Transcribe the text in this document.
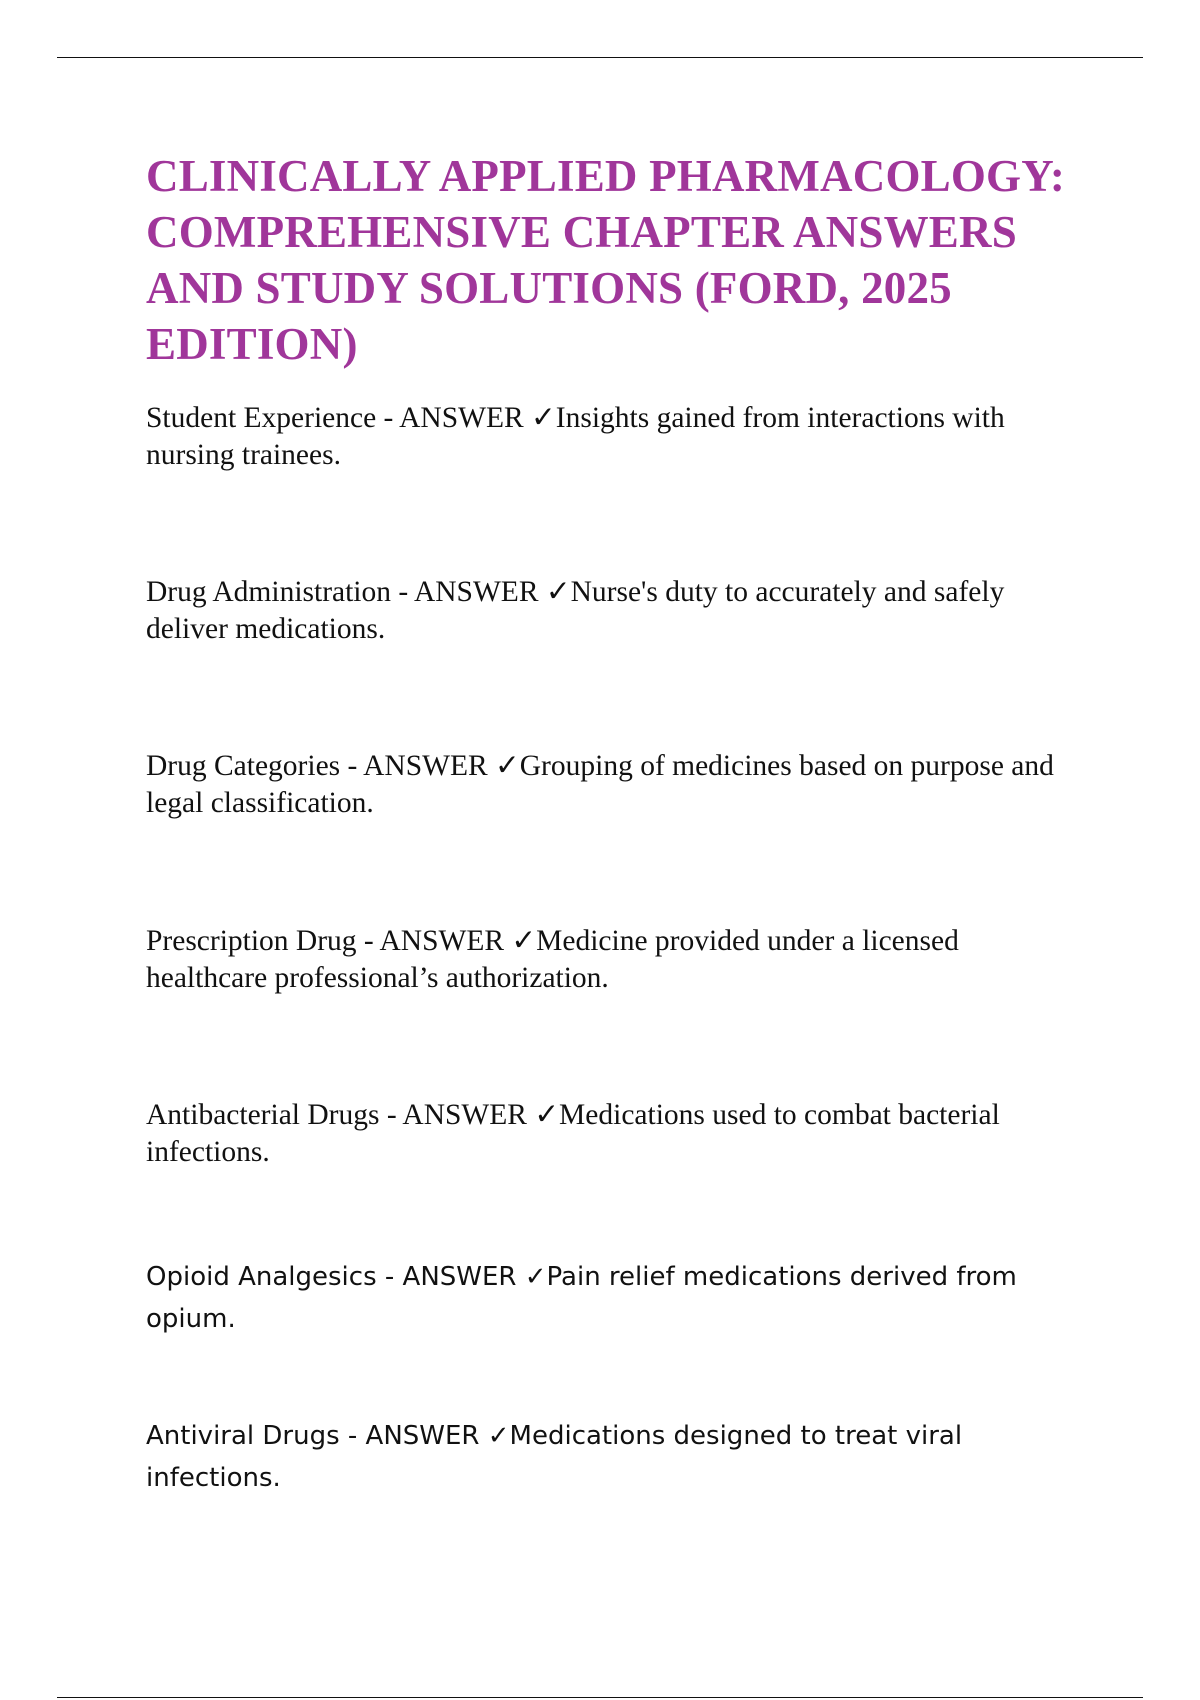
CLINICALLY APPLIED PHARMACOLOGY: COMPREHENSIVE CHAPTER ANSWERS AND STUDY SOLUTIONS (FORD, 2025 EDITION)
Student Experience - ANSWER ✓Insights gained from interactions with nursing trainees.
Drug Administration - ANSWER ✓Nurse's duty to accurately and safely deliver medications.
Drug Categories - ANSWER ✓Grouping of medicines based on purpose and legal classification.
Prescription Drug - ANSWER ✓Medicine provided under a licensed healthcare professional’s authorization.
Antibacterial Drugs - ANSWER ✓Medications used to combat bacterial infections.
Opioid Analgesics - ANSWER ✓Pain relief medications derived from opium.
Antiviral Drugs - ANSWER ✓Medications designed to treat viral infections.
